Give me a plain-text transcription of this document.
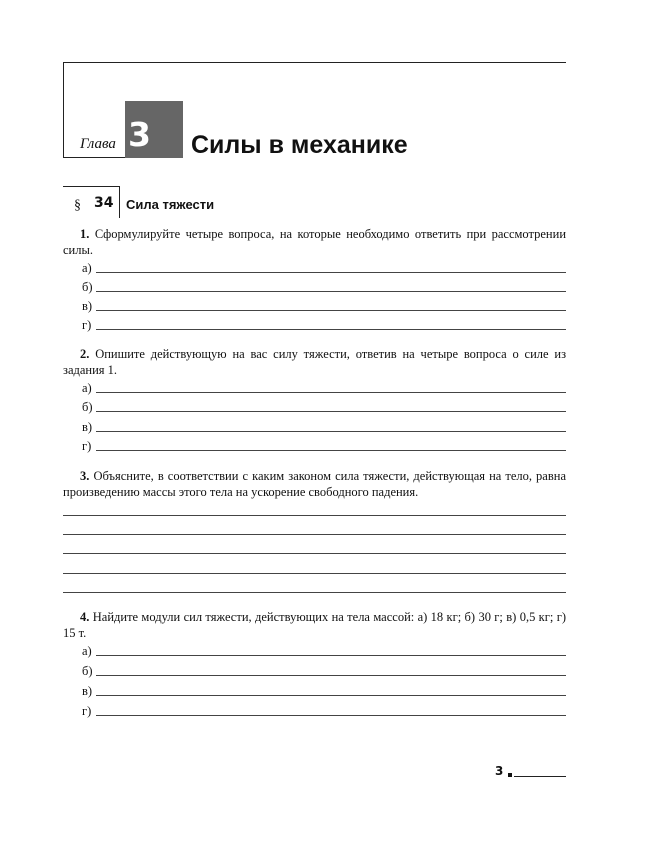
Глава 3 Силы в механике
§ 34 Сила тяжести
1. Сформулируйте четыре вопроса, на которые необходимо ответить при рассмотрении силы.
а)
б)
в)
г)
2. Опишите действующую на вас силу тяжести, ответив на четыре вопроса о силе из задания 1.
а)
б)
в)
г)
3. Объясните, в соответствии с каким законом сила тяжести, действующая на тело, равна произведению массы этого тела на ускорение свободного падения.
4. Найдите модули сил тяжести, действующих на тела массой: а) 18 кг; б) 30 г; в) 0,5 кг; г) 15 т.
а)
б)
в)
г)
3
